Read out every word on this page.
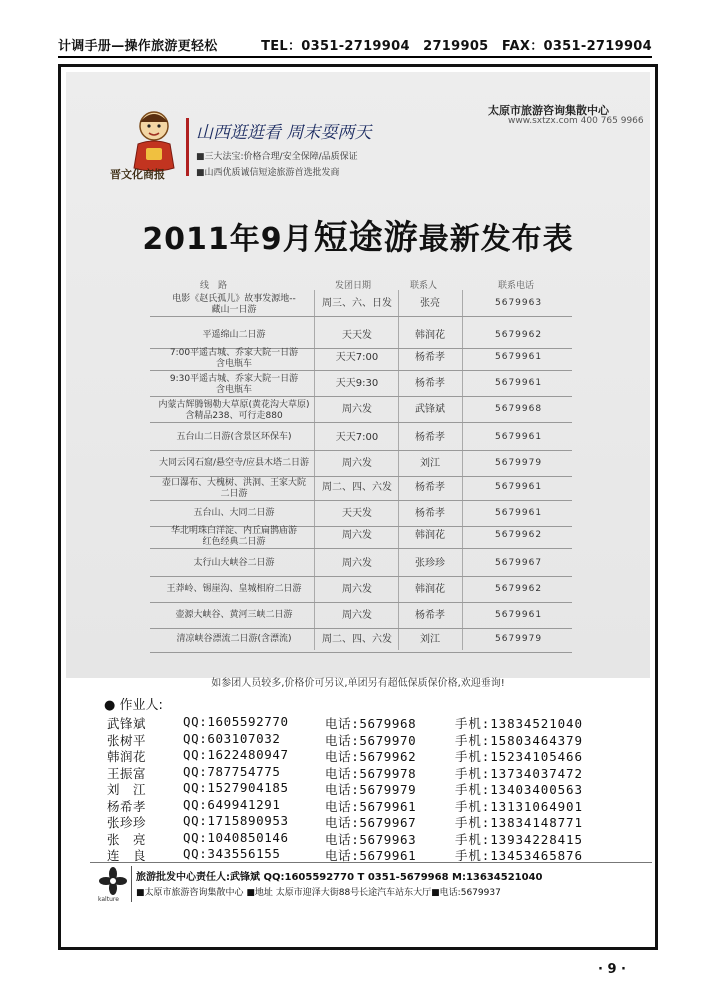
计调手册—操作旅游更轻松	TEL：0351-2719904　2719905　FAX：0351-2719904
晋文化商报
山西逛逛看 周末耍两天
■三大法宝:价格合理/安全保障/品质保证
■山西优质诚信短途旅游首选批发商
太原市旅游咨询集散中心
www.sxtzx.com 400 765 9966
2011年9月短途游最新发布表
线　路	发团日期	联系人	联系电话
电影《赵氏孤儿》故事发源地--
藏山一日游
周三、六、日发	张亮	5679963
平遥绵山二日游	天天发	韩润花	5679962
7:00平遥古城、乔家大院一日游
含电瓶车
天天7:00	杨希孝	5679961
9:30平遥古城、乔家大院一日游
含电瓶车
天天9:30	杨希孝	5679961
内蒙古辉腾锡勒大草原(黄花沟大草原)
含精品238、可行走880
周六发	武锋斌	5679968
五台山二日游(含景区环保车)	天天7:00	杨希孝	5679961
大同云冈石窟/悬空寺/应县木塔二日游	周六发	刘江	5679979
壶口瀑布、大槐树、洪洞、王家大院
二日游
周二、四、六发	杨希孝	5679961
五台山、大同二日游	天天发	杨希孝	5679961
华北明珠白洋淀、内丘扁鹊庙游
红色经典二日游
周六发	韩润花	5679962
太行山大峡谷二日游	周六发	张珍珍	5679967
王莽岭、锡崖沟、皇城相府二日游	周六发	韩润花	5679962
壶源大峡谷、黄河三峡二日游	周六发	杨希孝	5679961
清凉峡谷漂流二日游(含漂流)	周二、四、六发	刘江	5679979
如参团人员较多,价格价可另议,单团另有超低保质保价格,欢迎垂询!
● 作业人:
武锋斌	QQ:1605592770	电话:5679968	手机:13834521040
张树平	QQ:603107032	电话:5679970	手机:15803464379
韩润花	QQ:1622480947	电话:5679962	手机:15234105466
王振富	QQ:787754775	电话:5679978	手机:13734037472
刘　江	QQ:1527904185	电话:5679979	手机:13403400563
杨希孝	QQ:649941291	电话:5679961	手机:13131064901
张珍珍	QQ:1715890953	电话:5679967	手机:13834148771
张　亮	QQ:1040850146	电话:5679963	手机:13934228415
连　良	QQ:343556155	电话:5679961	手机:13453465876
kalture
旅游批发中心责任人:武锋斌 QQ:1605592770 T 0351-5679968 M:13634521040
■太原市旅游咨询集散中心 ■地址 太原市迎泽大街88号长途汽车站东大厅■电话:5679937
· 9 ·
